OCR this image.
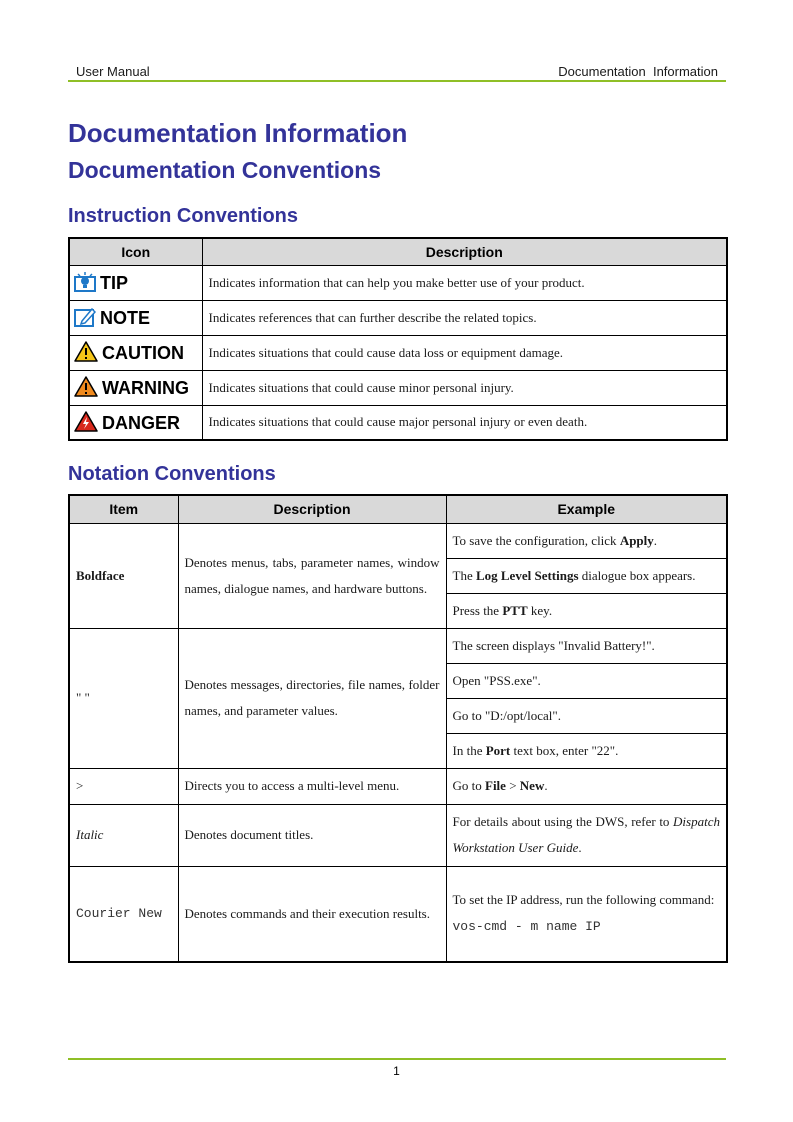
User Manual	Documentation  Information
Documentation Information
Documentation Conventions
Instruction Conventions
Icon	Description
TIP	Indicates information that can help you make better use of your product.
NOTE	Indicates references that can further describe the related topics.
CAUTION	Indicates situations that could cause data loss or equipment damage.
WARNING	Indicates situations that could cause minor personal injury.
DANGER	Indicates situations that could cause major personal injury or even death.
Notation Conventions
Item	Description	Example
Boldface	Denotes menus, tabs, parameter names, window names, dialogue names, and hardware buttons.	To save the configuration, click Apply.
		The Log Level Settings dialogue box appears.
		Press the PTT key.
" "	Denotes messages, directories, file names, folder names, and parameter values.	The screen displays "Invalid Battery!".
		Open "PSS.exe".
		Go to "D:/opt/local".
		In the Port text box, enter "22".
>	Directs you to access a multi-level menu.	Go to File > New.
Italic	Denotes document titles.	For details about using the DWS, refer to Dispatch Workstation User Guide.
Courier New	Denotes commands and their execution results.	To set the IP address, run the following command:
vos-cmd - m name IP
1
